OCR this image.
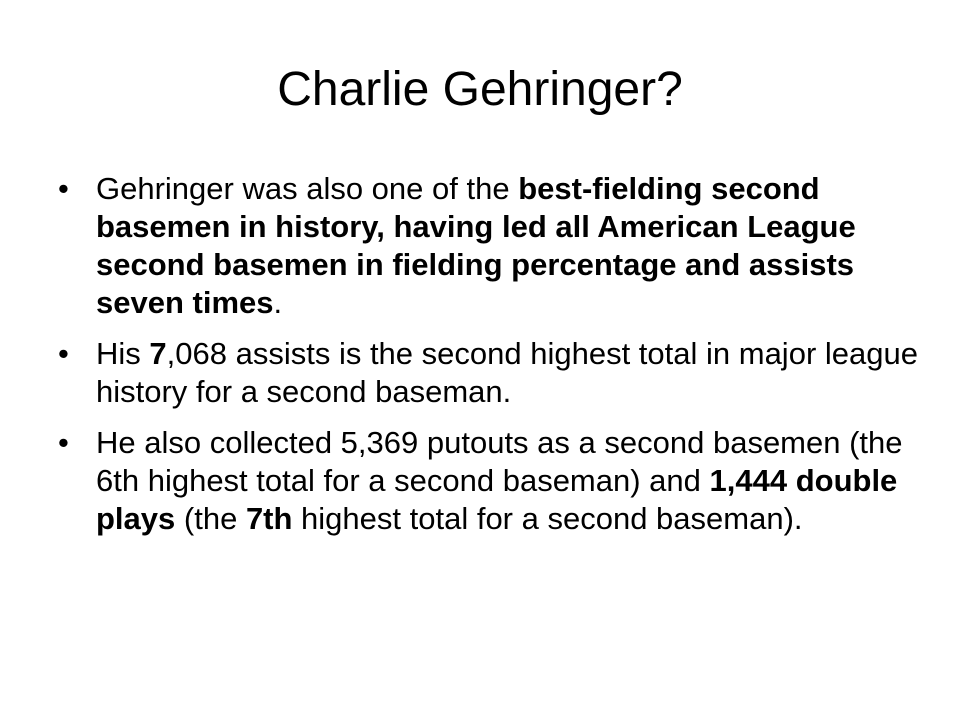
Charlie Gehringer?
• Gehringer was also one of the best-fielding second basemen in history, having led all American League second basemen in fielding percentage and assists seven times.
• His 7,068 assists is the second highest total in major league history for a second baseman.
• He also collected 5,369 putouts as a second basemen (the 6th highest total for a second baseman) and 1,444 double plays (the 7th highest total for a second baseman).
